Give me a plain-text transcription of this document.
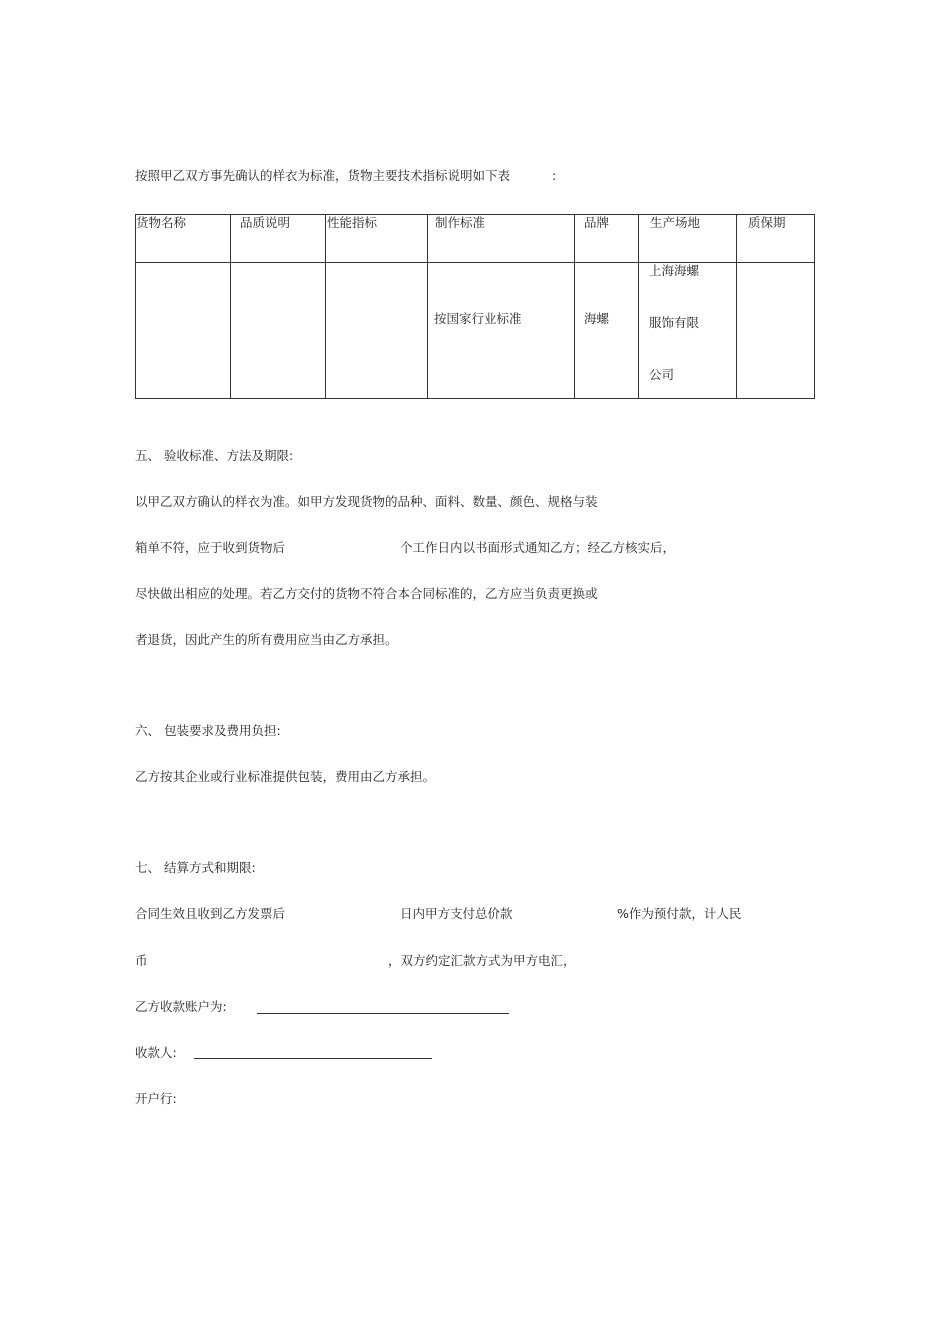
按照甲乙双方事先确认的样衣为标准，货物主要技术指标说明如下表	:
货物名称	品质说明	性能指标	制作标准	品牌	生产场地	质保期

			按国家行业标准	海螺	上海海螺
服饰有限
公司	

五、 验收标准、方法及期限:
以甲乙双方确认的样衣为准。如甲方发现货物的品种、面料、数量、颜色、规格与装
箱单不符，应于收到货物后	个工作日内以书面形式通知乙方；经乙方核实后，
尽快做出相应的处理。若乙方交付的货物不符合本合同标准的，乙方应当负责更换或
者退货，因此产生的所有费用应当由乙方承担。
六、 包装要求及费用负担:
乙方按其企业或行业标准提供包装，费用由乙方承担。
七、 结算方式和期限:
合同生效且收到乙方发票后	日内甲方支付总价款	%作为预付款，计人民
币	，双方约定汇款方式为甲方电汇，
乙方收款账户为:
收款人:
开户行:
